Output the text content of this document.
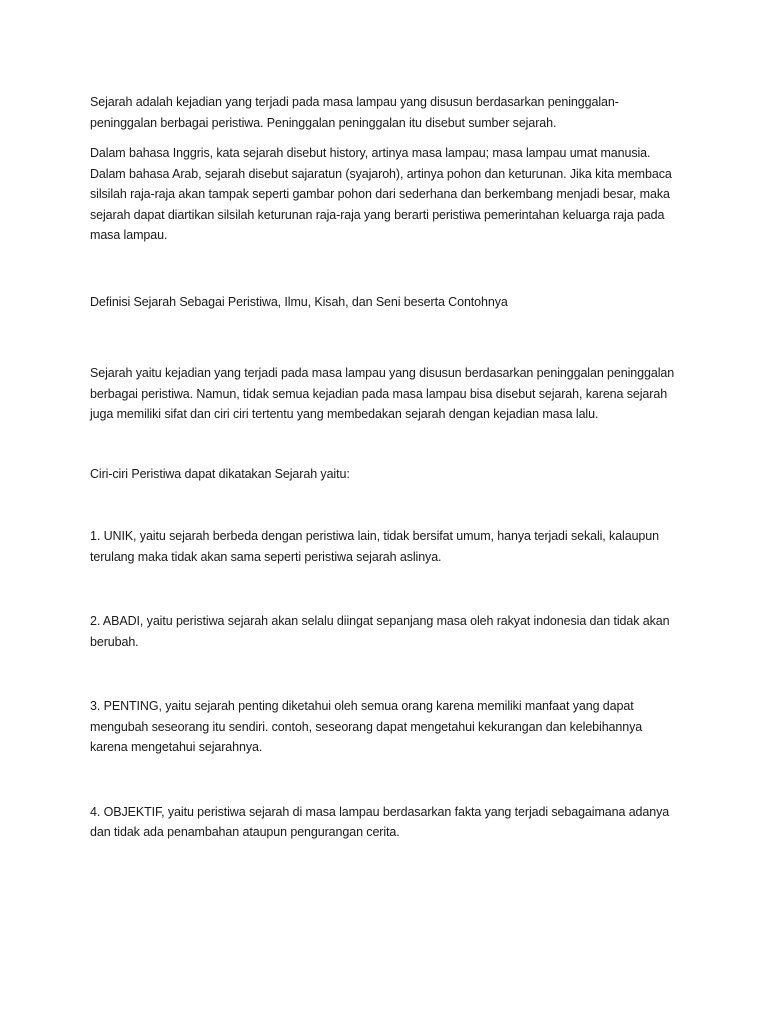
Sejarah adalah kejadian yang terjadi pada masa lampau yang disusun berdasarkan peninggalan-peninggalan berbagai peristiwa. Peninggalan peninggalan itu disebut sumber sejarah.

Dalam bahasa Inggris, kata sejarah disebut history, artinya masa lampau; masa lampau umat manusia. Dalam bahasa Arab, sejarah disebut sajaratun (syajaroh), artinya pohon dan keturunan. Jika kita membaca silsilah raja-raja akan tampak seperti gambar pohon dari sederhana dan berkembang menjadi besar, maka sejarah dapat diartikan silsilah keturunan raja-raja yang berarti peristiwa pemerintahan keluarga raja pada masa lampau.

Definisi Sejarah Sebagai Peristiwa, Ilmu, Kisah, dan Seni beserta Contohnya

Sejarah yaitu kejadian yang terjadi pada masa lampau yang disusun berdasarkan peninggalan peninggalan berbagai peristiwa. Namun, tidak semua kejadian pada masa lampau bisa disebut sejarah, karena sejarah juga memiliki sifat dan ciri ciri tertentu yang membedakan sejarah dengan kejadian masa lalu.

Ciri-ciri Peristiwa dapat dikatakan Sejarah yaitu:

1. UNIK, yaitu sejarah berbeda dengan peristiwa lain, tidak bersifat umum, hanya terjadi sekali, kalaupun terulang maka tidak akan sama seperti peristiwa sejarah aslinya.

2. ABADI, yaitu peristiwa sejarah akan selalu diingat sepanjang masa oleh rakyat indonesia dan tidak akan berubah.

3. PENTING, yaitu sejarah penting diketahui oleh semua orang karena memiliki manfaat yang dapat mengubah seseorang itu sendiri. contoh, seseorang dapat mengetahui kekurangan dan kelebihannya karena mengetahui sejarahnya.

4. OBJEKTIF, yaitu peristiwa sejarah di masa lampau berdasarkan fakta yang terjadi sebagaimana adanya dan tidak ada penambahan ataupun pengurangan cerita.
